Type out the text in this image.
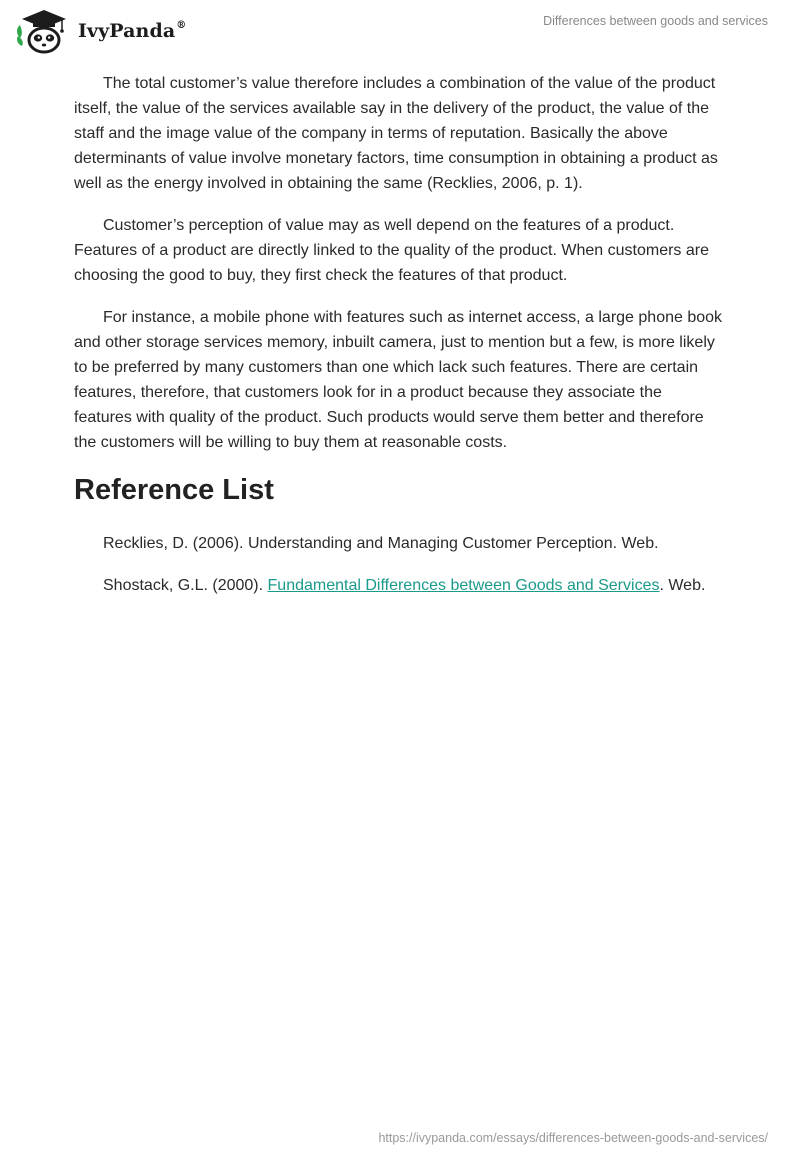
IvyPanda®	Differences between goods and services

The total customer’s value therefore includes a combination of the value of the product itself, the value of the services available say in the delivery of the product, the value of the staff and the image value of the company in terms of reputation. Basically the above determinants of value involve monetary factors, time consumption in obtaining a product as well as the energy involved in obtaining the same (Recklies, 2006, p. 1).

Customer’s perception of value may as well depend on the features of a product. Features of a product are directly linked to the quality of the product. When customers are choosing the good to buy, they first check the features of that product.

For instance, a mobile phone with features such as internet access, a large phone book and other storage services memory, inbuilt camera, just to mention but a few, is more likely to be preferred by many customers than one which lack such features. There are certain features, therefore, that customers look for in a product because they associate the features with quality of the product. Such products would serve them better and therefore the customers will be willing to buy them at reasonable costs.

Reference List

Recklies, D. (2006). Understanding and Managing Customer Perception. Web.

Shostack, G.L. (2000). Fundamental Differences between Goods and Services. Web.

https://ivypanda.com/essays/differences-between-goods-and-services/
